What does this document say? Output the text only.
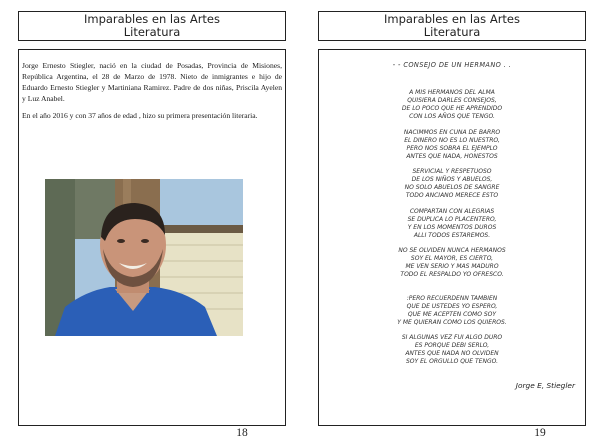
Imparables en las Artes
Literatura

Jorge Ernesto Stiegler, nació en la ciudad de Posadas, Provincia de Misiones, República Argentina, el 28 de Marzo de 1978. Nieto de inmigrantes e hijo de Eduardo Ernesto Stiegler y Martiniana Ramirez. Padre de dos niñas, Priscila Ayelen y Luz Anabel.

En el año 2016 y con 37 años de edad , hizo su primera presentación literaria.

18
Imparables en las Artes
Literatura
- - CONSEJO DE UN HERMANO . .
A MIS HERMANOS DEL ALMA
QUISIERA DARLES CONSEJOS,
DE LO POCO QUE HE APRENDIDO
CON LOS AÑOS QUE TENGO.
NACIMMOS EN CUNA DE BARRO
EL DINERO NO ES LO NUESTRO,
PERO NOS SOBRA EL EJEMPLO
ANTES QUE NADA, HONESTOS
SERVICIAL Y RESPETUOSO
DE LOS NIÑOS Y ABUELOS,
NO SOLO ABUELOS DE SANGRE
TODO ANCIANO MERECE ESTO
COMPARTAN CON ALEGRIAS
SE DUPLICA LO PLACENTERO,
Y EN LOS MOMENTOS DUROS
ALLI TODOS ESTAREMOS.
NO SE OLVIDEN NUNCA HERMANOS
SOY EL MAYOR, ES CIERTO,
ME VEN SERIO Y MAS MADURO
TODO EL RESPALDO YO OFRESCO.
:PERO RECUERDENN TAMBIEN
QUE DE USTEDES YO ESPERO,
QUE ME ACEPTEN COMO SOY
Y ME QUIERAN COMO LOS QUIEROS.
SI ALGUNAS VEZ FUI ALGO DURO
ES PORQUE DEBI SERLO,
ANTES QUE NADA NO OLVIDEN
SOY EL ORGULLO QUE TENGO.
Jorge E, Stiegler
19
